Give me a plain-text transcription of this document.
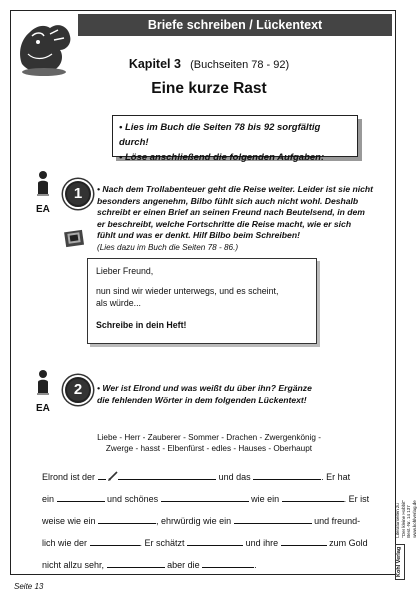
Briefe schreiben / Lückentext
Kapitel 3 (Buchseiten 78 - 92)
Eine kurze Rast
• Lies im Buch die Seiten 78 bis 92 sorgfältig durch!
• Löse anschließend die folgenden Aufgaben:
EA
1	• Nach dem Trollabenteuer geht die Reise weiter. Leider ist sie nicht
besonders angenehm, Bilbo fühlt sich auch nicht wohl. Deshalb
schreibt er einen Brief an seinen Freund nach Beutelsend, in dem
er beschreibt, welche Fortschritte die Reise macht, wie er sich
fühlt und was er denkt. Hilf Bilbo beim Schreiben!
(Lies dazu im Buch die Seiten 78 - 86.)
Lieber Freund,
nun sind wir wieder unterwegs, und es scheint,
als würde...
Schreibe in dein Heft!
EA
2	• Wer ist Elrond und was weißt du über ihn? Ergänze
die fehlenden Wörter in dem folgenden Lückentext!
Liebe - Herr - Zauberer - Sommer - Drachen - Zwergenkönig -
Zwerge - hasst - Elbenfürst - edles - Hauses - Oberhaupt
Elrond ist der	und das	. Er hat
ein	und schönes	wie ein	. Er ist
weise wie ein	, ehrwürdig wie ein	und freund-
lich wie der	. Er schätzt	und ihre	zum Gold
nicht allzu sehr,	aber die	.	Kohl Verlag
Literaturseiten zu "Der kleine Hobbit" Best.-Nr. 14 137 www.kohlverlag.de
Seite 13
